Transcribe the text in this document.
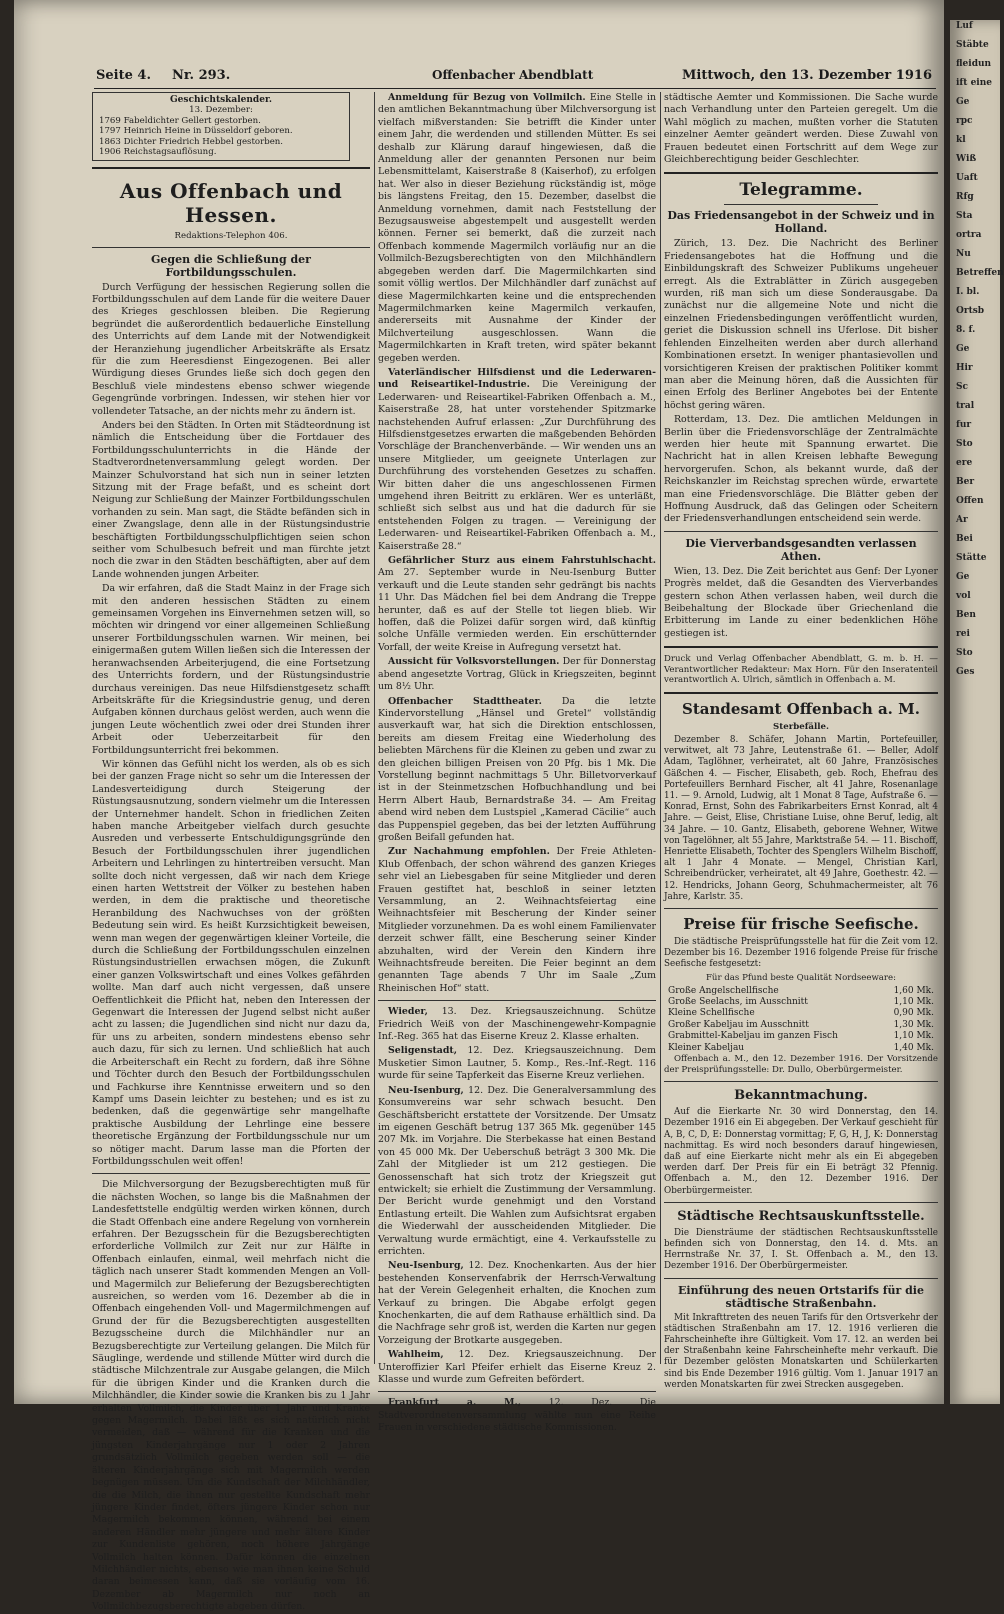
Seite 4. Nr. 293.	Offenbacher Abendblatt	Mittwoch, den 13. Dezember 1916
Geschichtskalender.
13. Dezember:
1769 Fabeldichter Gellert gestorben.
1797 Heinrich Heine in Düsseldorf geboren.
1863 Dichter Friedrich Hebbel gestorben.
1906 Reichstagsauflösung.
Aus Offenbach und Hessen.
Redaktions-Telephon 406.
Gegen die Schließung der Fortbildungsschulen.

Durch Verfügung der hessischen Regierung sollen die Fortbildungsschulen auf dem Lande für die weitere Dauer des Krieges geschlossen bleiben. Die Regierung begründet die außerordentlich bedauerliche Einstellung des Unterrichts auf dem Lande mit der Notwendigkeit der Heranziehung jugendlicher Arbeitskräfte als Ersatz für die zum Heeresdienst Eingezogenen. Bei aller Würdigung dieses Grundes ließe sich doch gegen den Beschluß viele mindestens ebenso schwer wiegende Gegengründe vorbringen. Indessen, wir stehen hier vor vollendeter Tatsache, an der nichts mehr zu ändern ist.

Anders bei den Städten. In Orten mit Städteordnung ist nämlich die Entscheidung über die Fortdauer des Fortbildungsschulunterrichts in die Hände der Stadtverordnetenversammlung gelegt worden. Der Mainzer Schulvorstand hat sich nun in seiner letzten Sitzung mit der Frage befaßt, und es scheint dort Neigung zur Schließung der Mainzer Fortbildungsschulen vorhanden zu sein. Man sagt, die Städte befänden sich in einer Zwangslage, denn alle in der Rüstungsindustrie beschäftigten Fortbildungsschulpflichtigen seien schon seither vom Schulbesuch befreit und man fürchte jetzt noch die zwar in den Städten beschäftigten, aber auf dem Lande wohnenden jungen Arbeiter.

Da wir erfahren, daß die Stadt Mainz in der Frage sich mit den anderen hessischen Städten zu einem gemeinsamen Vorgehen ins Einvernehmen setzen will, so möchten wir dringend vor einer allgemeinen Schließung unserer Fortbildungsschulen warnen. Wir meinen, bei einigermaßen gutem Willen ließen sich die Interessen der heranwachsenden Arbeiterjugend, die eine Fortsetzung des Unterrichts fordern, und der Rüstungsindustrie durchaus vereinigen. Das neue Hilfsdienstgesetz schafft Arbeitskräfte für die Kriegsindustrie genug, und deren Aufgaben können durchaus gelöst werden, auch wenn die jungen Leute wöchentlich zwei oder drei Stunden ihrer Arbeit oder Ueberzeitarbeit für den Fortbildungsunterricht frei bekommen.

Wir können das Gefühl nicht los werden, als ob es sich bei der ganzen Frage nicht so sehr um die Interessen der Landesverteidigung durch Steigerung der Rüstungsausnutzung, sondern vielmehr um die Interessen der Unternehmer handelt. Schon in friedlichen Zeiten haben manche Arbeitgeber vielfach durch gesuchte Ausreden und verbesserte Entschuldigungsgründe den Besuch der Fortbildungsschulen ihrer jugendlichen Arbeitern und Lehrlingen zu hintertreiben versucht. Man sollte doch nicht vergessen, daß wir nach dem Kriege einen harten Wettstreit der Völker zu bestehen haben werden, in dem die praktische und theoretische Heranbildung des Nachwuchses von der größten Bedeutung sein wird. Es heißt Kurzsichtigkeit beweisen, wenn man wegen der gegenwärtigen kleiner Vorteile, die durch die Schließung der Fortbildungsschulen einzelnen Rüstungsindustriellen erwachsen mögen, die Zukunft einer ganzen Volkswirtschaft und eines Volkes gefährden wollte. Man darf auch nicht vergessen, daß unsere Oeffentlichkeit die Pflicht hat, neben den Interessen der Gegenwart die Interessen der Jugend selbst nicht außer acht zu lassen; die Jugendlichen sind nicht nur dazu da, für uns zu arbeiten, sondern mindestens ebenso sehr auch dazu, für sich zu lernen. Und schließlich hat auch die Arbeiterschaft ein Recht zu fordern, daß ihre Söhne und Töchter durch den Besuch der Fortbildungsschulen und Fachkurse ihre Kenntnisse erweitern und so den Kampf ums Dasein leichter zu bestehen; und es ist zu bedenken, daß die gegenwärtige sehr mangelhafte praktische Ausbildung der Lehrlinge eine bessere theoretische Ergänzung der Fortbildungsschule nur um so nötiger macht. Darum lasse man die Pforten der Fortbildungsschulen weit offen!

Die Milchversorgung der Bezugsberechtigten muß für die nächsten Wochen, so lange bis die Maßnahmen der Landesfettstelle endgültig werden wirken können, durch die Stadt Offenbach eine andere Regelung von vornherein erfahren. Der Bezugsschein für die Bezugsberechtigten erforderliche Vollmilch zur Zeit nur zur Hälfte in Offenbach einlaufen, einmal, weil mehrfach nicht die täglich nach unserer Stadt kommenden Mengen an Voll- und Magermilch zur Belieferung der Bezugsberechtigten ausreichen, so werden vom 16. Dezember ab die in Offenbach eingehenden Voll- und Magermilchmengen auf Grund der für die Bezugsberechtigten ausgestellten Bezugsscheine durch die Milchhändler nur an Bezugsberechtigte zur Verteilung gelangen. Die Milch für Säuglinge, werdende und stillende Mütter wird durch die städtische Milchzentrale zur Ausgabe gelangen, die Milch für die übrigen Kinder und die Kranken durch die Milchhändler, die Kinder sowie die Kranken bis zu 1 Jahr erhalten Vollmilch, die Kinder über 1 Jahr und Kranke gegen Magermilch. Dabei läßt es sich natürlich nicht vermeiden, daß — während für die Kranken und die jüngsten Kinderjahrgänge nur 1 oder 2 Jahren grundsätzlich Vollmilch gegeben werden soll — die älteren Kinderjahrgänge sich mit Magermilch werden begnügen müssen. Um die Kundschaft der Milchhändler, die die Milch, die ihnen nur gestellte Kundschaft mehr jüngere Kinder findet, öfters jüngere Kinder schon nur Magermilch bekommen können, während bei einem anderen Händler mehr jüngere und mehr ältere Kinder zur Kundenliste gehören, noch höhere Jahrgänge Vollmilch halten können. Dafür können die einzelnen Milchhändler nichts, ebenso wie man ihnen keine Schuld daran beimessen kann, daß sie vorläufig vom 16. Dezember ab Magermilch nur noch an Vollmilchbezugsberechtigte abgeben dürfen.

Anmeldung für Bezug von Vollmilch. Eine Stelle in den amtlichen Bekanntmachung über Milchversorgung ist vielfach mißverstanden: Sie betrifft die Kinder unter einem Jahr, die werdenden und stillenden Mütter. Es sei deshalb zur Klärung darauf hingewiesen, daß die Anmeldung aller der genannten Personen nur beim Lebensmittelamt, Kaiserstraße 8 (Kaiserhof), zu erfolgen hat. Wer also in dieser Beziehung rückständig ist, möge bis längstens Freitag, den 15. Dezember, daselbst die Anmeldung vornehmen, damit nach Feststellung der Bezugsausweise abgestempelt und ausgestellt werden können. Ferner sei bemerkt, daß die zurzeit nach Offenbach kommende Magermilch vorläufig nur an die Vollmilch-Bezugsberechtigten von den Milchhändlern abgegeben werden darf. Die Magermilchkarten sind somit völlig wertlos. Der Milchhändler darf zunächst auf diese Magermilchkarten keine und die entsprechenden Magermilchmarken keine Magermilch verkaufen, andererseits mit Ausnahme der Kinder der Milchverteilung ausgeschlossen. Wann die Magermilchkarten in Kraft treten, wird später bekannt gegeben werden.

Vaterländischer Hilfsdienst und die Lederwaren- und Reiseartikel-Industrie. Die Vereinigung der Lederwaren- und Reiseartikel-Fabriken Offenbach a. M., Kaiserstraße 28, hat unter vorstehender Spitzmarke nachstehenden Aufruf erlassen: „Zur Durchführung des Hilfsdienstgesetzes erwarten die maßgebenden Behörden Vorschläge der Branchenverbände. — Wir wenden uns an unsere Mitglieder, um geeignete Unterlagen zur Durchführung des vorstehenden Gesetzes zu schaffen. Wir bitten daher die uns angeschlossenen Firmen umgehend ihren Beitritt zu erklären. Wer es unterläßt, schließt sich selbst aus und hat die dadurch für sie entstehenden Folgen zu tragen. — Vereinigung der Lederwaren- und Reiseartikel-Fabriken Offenbach a. M., Kaiserstraße 28.“

Gefährlicher Sturz aus einem Fahrstuhlschacht. Am 27. September wurde in Neu-Isenburg Butter verkauft und die Leute standen sehr gedrängt bis nachts 11 Uhr. Das Mädchen fiel bei dem Andrang die Treppe herunter, daß es auf der Stelle tot liegen blieb. Wir hoffen, daß die Polizei dafür sorgen wird, daß künftig solche Unfälle vermieden werden. Ein erschütternder Vorfall, der weite Kreise in Aufregung versetzt hat.

Aussicht für Volksvorstellungen. Der für Donnerstag abend angesetzte Vortrag, Glück in Kriegszeiten, beginnt um 8½ Uhr.

Offenbacher Stadttheater. Da die letzte Kindervorstellung „Hänsel und Gretel“ vollständig ausverkauft war, hat sich die Direktion entschlossen, bereits am diesem Freitag eine Wiederholung des beliebten Märchens für die Kleinen zu geben und zwar zu den gleichen billigen Preisen von 20 Pfg. bis 1 Mk. Die Vorstellung beginnt nachmittags 5 Uhr. Billetvorverkauf ist in der Steinmetzschen Hofbuchhandlung und bei Herrn Albert Haub, Bernardstraße 34. — Am Freitag abend wird neben dem Lustspiel „Kamerad Cäcilie“ auch das Puppenspiel gegeben, das bei der letzten Aufführung großen Beifall gefunden hat.

Zur Nachahmung empfohlen. Der Freie Athleten-Klub Offenbach, der schon während des ganzen Krieges sehr viel an Liebesgaben für seine Mitglieder und deren Frauen gestiftet hat, beschloß in seiner letzten Versammlung, an 2. Weihnachtsfeiertag eine Weihnachtsfeier mit Bescherung der Kinder seiner Mitglieder vorzunehmen. Da es wohl einem Familienvater derzeit schwer fällt, eine Bescherung seiner Kinder abzuhalten, wird der Verein den Kindern ihre Weihnachtsfreude bereiten. Die Feier beginnt an dem genannten Tage abends 7 Uhr im Saale „Zum Rheinischen Hof“ statt.

Wieder, 13. Dez. Kriegsauszeichnung. Schütze Friedrich Weiß von der Maschinengewehr-Kompagnie Inf.-Reg. 365 hat das Eiserne Kreuz 2. Klasse erhalten.

Seligenstadt, 12. Dez. Kriegsauszeichnung. Dem Musketier Simon Lautner, 5. Komp., Res.-Inf.-Regt. 116 wurde für seine Tapferkeit das Eiserne Kreuz verliehen.

Neu-Isenburg, 12. Dez. Die Generalversammlung des Konsumvereins war sehr schwach besucht. Den Geschäftsbericht erstattete der Vorsitzende. Der Umsatz im eigenen Geschäft betrug 137 365 Mk. gegenüber 145 207 Mk. im Vorjahre. Die Sterbekasse hat einen Bestand von 45 000 Mk. Der Ueberschuß beträgt 3 300 Mk. Die Zahl der Mitglieder ist um 212 gestiegen. Die Genossenschaft hat sich trotz der Kriegszeit gut entwickelt; sie erhielt die Zustimmung der Versammlung. Der Bericht wurde genehmigt und den Vorstand Entlastung erteilt. Die Wahlen zum Aufsichtsrat ergaben die Wiederwahl der ausscheidenden Mitglieder. Die Verwaltung wurde ermächtigt, eine 4. Verkaufsstelle zu errichten.

Neu-Isenburg, 12. Dez. Knochenkarten. Aus der hier bestehenden Konservenfabrik der Herrsch-Verwaltung hat der Verein Gelegenheit erhalten, die Knochen zum Verkauf zu bringen. Die Abgabe erfolgt gegen Knochenkarten, die auf dem Rathause erhältlich sind. Da die Nachfrage sehr groß ist, werden die Karten nur gegen Vorzeigung der Brotkarte ausgegeben.

Wahlheim, 12. Dez. Kriegsauszeichnung. Der Unteroffizier Karl Pfeifer erhielt das Eiserne Kreuz 2. Klasse und wurde zum Gefreiten befördert.

Frankfurt a. M.,	12. Dez. Die Stadtverordnetenversammlung wählte nun eine Reihe Frauen in verschiedene städtische Kommissionen.

städtische Aemter und Kommissionen. Die Sache wurde nach Verhandlung unter den Parteien geregelt. Um die Wahl möglich zu machen, mußten vorher die Statuten einzelner Aemter geändert werden. Diese Zuwahl von Frauen bedeutet einen Fortschritt auf dem Wege zur Gleichberechtigung beider Geschlechter.

Telegramme.
Das Friedensangebot in der Schweiz und in Holland.

Zürich, 13. Dez. Die Nachricht des Berliner Friedensangebotes hat die Hoffnung und die Einbildungskraft des Schweizer Publikums ungeheuer erregt. Als die Extrablätter in Zürich ausgegeben wurden, riß man sich um diese Sonderausgabe. Da zunächst nur die allgemeine Note und nicht die einzelnen Friedensbedingungen veröffentlicht wurden, geriet die Diskussion schnell ins Uferlose. Dit bisher fehlenden Einzelheiten werden aber durch allerhand Kombinationen ersetzt. In weniger phantasievollen und vorsichtigeren Kreisen der praktischen Politiker kommt man aber die Meinung hören, daß die Aussichten für einen Erfolg des Berliner Angebotes bei der Entente höchst gering wären.

Rotterdam, 13. Dez. Die amtlichen Meldungen in Berlin über die Friedensvorschläge der Zentralmächte werden hier heute mit Spannung erwartet. Die Nachricht hat in allen Kreisen lebhafte Bewegung hervorgerufen. Schon, als bekannt wurde, daß der Reichskanzler im Reichstag sprechen würde, erwartete man eine Friedensvorschläge. Die Blätter geben der Hoffnung Ausdruck, daß das Gelingen oder Scheitern der Friedensverhandlungen entscheidend sein werde.

Die Vierverbandsgesandten verlassen Athen.

Wien, 13. Dez. Die Zeit berichtet aus Genf: Der Lyoner Progrès meldet, daß die Gesandten des Vierverbandes gestern schon Athen verlassen haben, weil durch die Beibehaltung der Blockade über Griechenland die Erbitterung im Lande zu einer bedenklichen Höhe gestiegen ist.

Druck und Verlag Offenbacher Abendblatt, G. m. b. H. — Verantwortlicher Redakteur: Max Horn. Für den Inseratenteil verantwortlich A. Ulrich, sämtlich in Offenbach a. M.

Standesamt Offenbach a. M.
Sterbefälle.

Dezember 8. Schäfer, Johann Martin, Portefeuiller, verwitwet, alt 73 Jahre, Leutenstraße 61. — Beller, Adolf Adam, Taglöhner, verheiratet, alt 60 Jahre, Französisches Gäßchen 4. — Fischer, Elisabeth, geb. Roch, Ehefrau des Portefeuillers Bernhard Fischer, alt 41 Jahre, Rosenanlage 11. — 9. Arnold, Ludwig, alt 1 Monat 8 Tage, Aufstraße 6. — Konrad, Ernst, Sohn des Fabrikarbeiters Ernst Konrad, alt 4 Jahre. — Geist, Elise, Christiane Luise, ohne Beruf, ledig, alt 34 Jahre. — 10. Gantz, Elisabeth, geborene Wehner, Witwe von Tagelöhner, alt 55 Jahre, Marktstraße 54. — 11. Bischoff, Henriette Elisabeth, Tochter des Spenglers Wilhelm Bischoff, alt 1 Jahr 4 Monate. — Mengel, Christian Karl, Schreibendrücker, verheiratet, alt 49 Jahre, Goethestr. 42. — 12. Hendricks, Johann Georg, Schuhmachermeister, alt 76 Jahre, Karlstr. 35.

Preise für frische Seefische.

Die städtische Preisprüfungsstelle hat für die Zeit vom 12. Dezember bis 16. Dezember 1916 folgende Preise für frische Seefische festgesetzt:

Für das Pfund beste Qualität Nordseeware:
Große Angelschellfische	1,60 Mk.
Große Seelachs, im Ausschnitt	1,10 Mk.
Kleine Schellfische	0,90 Mk.
Großer Kabeljau im Ausschnitt	1,30 Mk.
Grabmittel-Kabeljau im ganzen Fisch	1,10 Mk.
Kleiner Kabeljau	1,40 Mk.

Offenbach a. M., den 12. Dezember 1916. Der Vorsitzende der Preisprüfungsstelle: Dr. Dullo, Oberbürgermeister.

Bekanntmachung.

Auf die Eierkarte Nr. 30 wird Donnerstag, den 14. Dezember 1916 ein Ei abgegeben. Der Verkauf geschieht für A, B, C, D, E: Donnerstag vormittag; F, G, H, J, K: Donnerstag nachmittag. Es wird noch besonders darauf hingewiesen, daß auf eine Eierkarte nicht mehr als ein Ei abgegeben werden darf. Der Preis für ein Ei beträgt 32 Pfennig. Offenbach a. M., den 12. Dezember 1916. Der Oberbürgermeister.

Städtische Rechtsauskunftsstelle.

Die Diensträume der städtischen Rechtsauskunftsstelle befinden sich von Donnerstag, den 14. d. Mts. an Herrnstraße Nr. 37, I. St. Offenbach a. M., den 13. Dezember 1916. Der Oberbürgermeister.

Einführung des neuen Ortstarifs für die städtische Straßenbahn.

Mit Inkrafttreten des neuen Tarifs für den Ortsverkehr der städtischen Straßenbahn am 17. 12. 1916 verlieren die Fahrscheinhefte ihre Gültigkeit. Vom 17. 12. an werden bei der Straßenbahn keine Fahrscheinhefte mehr verkauft. Die für Dezember gelösten Monatskarten und Schülerkarten sind bis Ende Dezember 1916 gültig. Vom 1. Januar 1917 an werden Monatskarten für zwei Strecken ausgegeben.

Luf
Stäbte
fleidun
ift eine
Ge
rpc
kl
Wiß
Uaft
Rfg
Sta
ortra
Nu
Betreffen
I. bl.
Ortsb
8. f.
Ge
Hir
Sc
tral
fur
Sto
ere
Ber
Offen
Ar
Bei
Stätte
Ge
vol
Ben
rei
Sto
Ges
